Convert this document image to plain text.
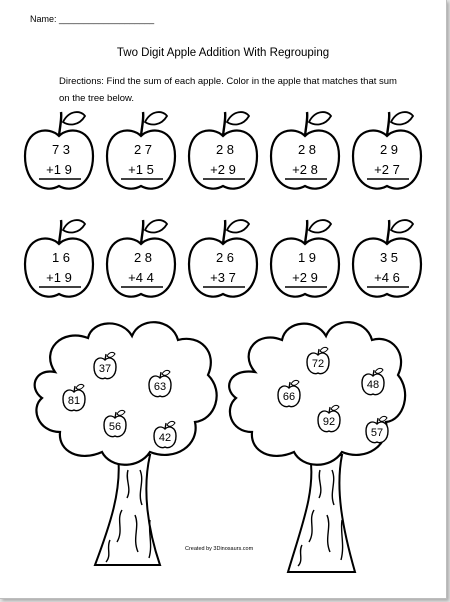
Name: ___________________
Two Digit Apple Addition With Regrouping
Directions: Find the sum of each apple. Color in the apple that matches that sum on the tree below.
7 3
+1 9
2 7
+1 5
2 8
+2 9
2 8
+2 8
2 9
+2 7
1 6
+1 9
2 8
+4 4
2 6
+3 7
1 9
+2 9
3 5
+4 6
37
63
81
56
42
72
48
66
92
57
Created by 3Dinosaurs.com
